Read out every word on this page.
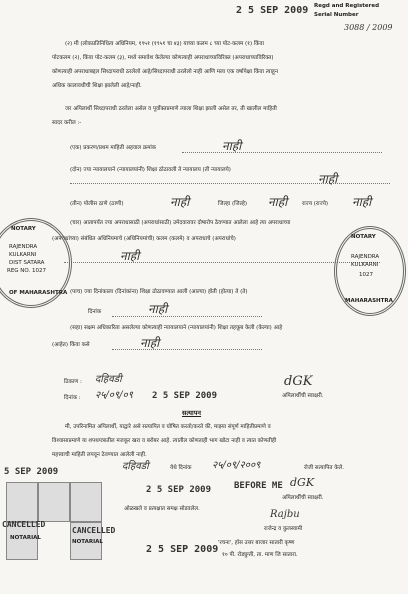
2 5 SEP 2009 Regd and Registered
Serial Number
3088 / 2009
(२) मी (लोकप्रतिनिधित्व अधिनियम, १९५१ (१९५१ चा ४३) याच्या कलम ८ च्या पोट-कलम (१) किंवा
पोटकलम (२), किंवा पोट-कलम (३), मध्ये समावेश केलेल्या कोणत्याही अपराधाच्याविरिक्त (अपराधाच्याविरिक्त)
कोणत्याही अपराधाबद्दल सिध्दापराधी ठरलेलो आहे/सिध्दापराधी ठरलेलो नाही आणि मला एक वर्षापेक्षा किंवा त्याहून
अधिक कालावधीची शिक्षा झालेली आहे/नाही.
जर अपिलार्थी सिध्दापराधी ठरलेला असेल व पूर्वोक्तप्रमाणे त्याला शिक्षा झाली असेल तर, ती खालील माहिती
सादर करील :-
(एक) प्रकरण/प्रथम माहिती अहवाल क्रमांक	नाही
(दोन) ज्या न्यायालयाने (न्यायालयांनी) शिक्षा ठोठावली ते न्यायालय (ती न्यायालये)
नाही
(तीन) पोलीस ठाणे (ठाणी)	नाही	जिल्हा (जिल्हे) नाही	राज्य (राज्ये) नाही
(चार) आतापर्यंत ज्या अपराधासाठी (अपराधांसाठी) उमेदवारावर दोषारोप ठेवण्यात आलेला आहे त्या अपराधाच्या
(अपराधांच्या) संबंधित अधिनियमाचे (अधिनियमांची) कलम (कलमे) व अपराधाचे (अपराधांचे)
नाही
(पाच) ज्या दिनांकाला (दिनांकांना) शिक्षा ठोठावण्यात आली (आल्या) होती (होत्या) ते (ते)
दिनांक	नाही
(सहा) सक्षम अधिकारिता असलेल्या कोणत्याही न्यायालयाने (न्यायालयांनी) शिक्षा तहकूब केली (केल्या) आहे
(आहेत) किंवा कसे	नाही
ठिकाण : दहिवडी
दिनांक : २५/०९/०९ 2 5 SEP 2009
dGK
अपिलार्थीची स्वाक्षरी.
सत्यापन
मी, उपरिनामित अपिलार्थी, याद्वारे असे सत्यापित व घोषित करतो/करते की, माझ्या संपूर्ण माहितीप्रमाणे व
विश्वासाप्रमाणे या शपथपत्रातील मजकूर खरा व बरोबर आहे. त्यातील कोणताही भाग खोटा नाही व त्यात कोणतीही
महत्त्वाची माहिती लपवून ठेवण्यात आलेली नाही.
दहिवडी	येथे दिनांक २५/०९/२००९	रोजी सत्यापित केले.
5 SEP 2009
2 5 SEP 2009	BEFORE ME dGK
अपिलार्थीची स्वाक्षरी.
CANCELLED
CANCELLED
NOTARIAL
NOTARIAL
ओळखले व प्रत्यक्षात समक्ष सोडवलेल.	Rajbu
राजेन्द्र व कुलस्वामी
'रचना', हॉस उत्तर बाजार सातारी कृष्ण
१० पी. रोड्युग्ती, ता. माण जि सातारा.
2 5 SEP 2009
NOTARY
RAJENDRA
KULKARNI
DIST SATARA
REG NO. 1027
OF MAHARASHTRA
NOTARY
RAJENDRA
KULKARNI
1027
MAHARASHTRA
